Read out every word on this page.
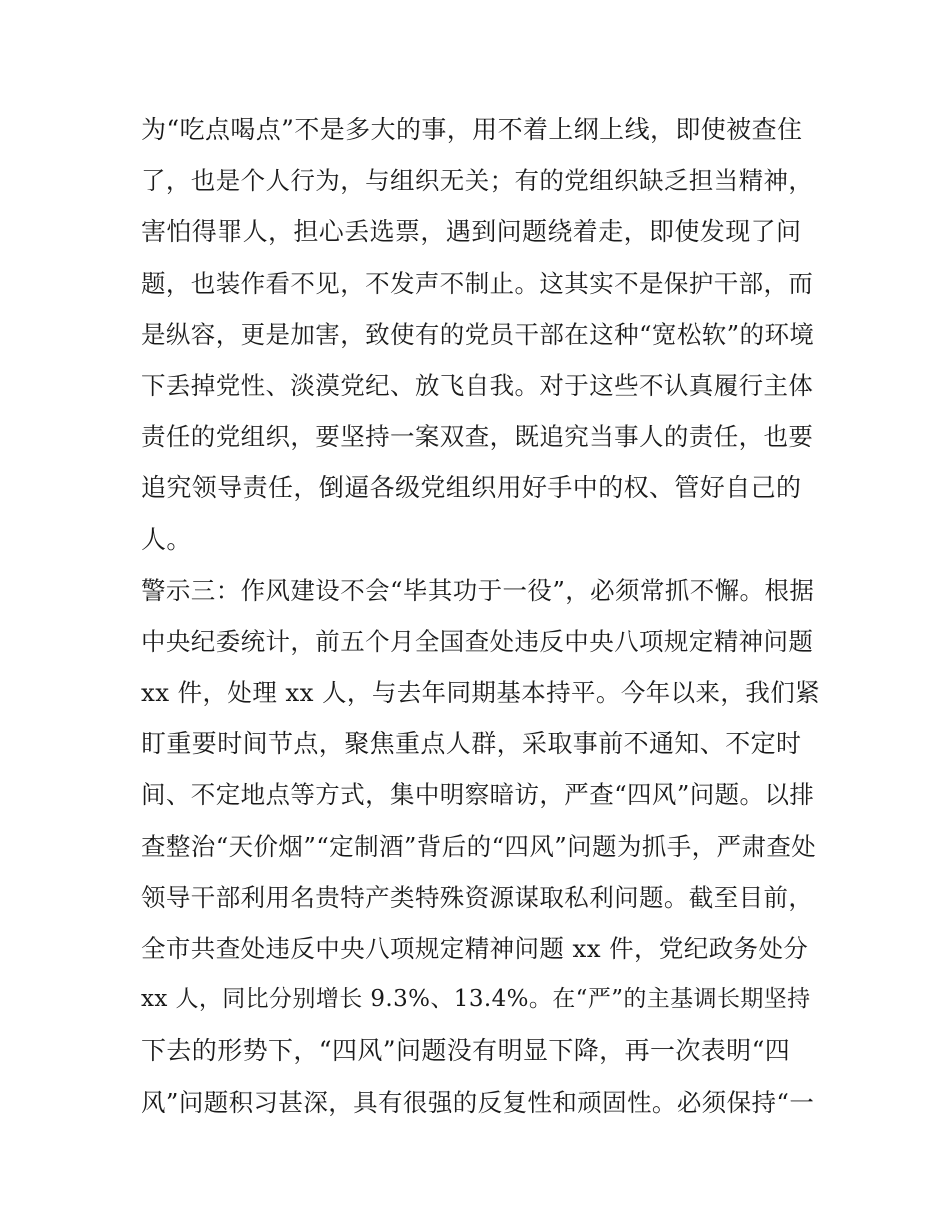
为“吃点喝点”不是多大的事，用不着上纲上线，即使被查住
了，也是个人行为，与组织无关；有的党组织缺乏担当精神，
害怕得罪人，担心丢选票，遇到问题绕着走，即使发现了问
题，也装作看不见，不发声不制止。这其实不是保护干部，而
是纵容，更是加害，致使有的党员干部在这种“宽松软”的环境
下丢掉党性、淡漠党纪、放飞自我。对于这些不认真履行主体
责任的党组织，要坚持一案双查，既追究当事人的责任，也要
追究领导责任，倒逼各级党组织用好手中的权、管好自己的
人。
警示三：作风建设不会“毕其功于一役”，必须常抓不懈。根据
中央纪委统计，前五个月全国查处违反中央八项规定精神问题
xx 件，处理 xx 人，与去年同期基本持平。今年以来，我们紧
盯重要时间节点，聚焦重点人群，采取事前不通知、不定时
间、不定地点等方式，集中明察暗访，严查“四风”问题。以排
查整治“天价烟”“定制酒”背后的“四风”问题为抓手，严肃查处
领导干部利用名贵特产类特殊资源谋取私利问题。截至目前，
全市共查处违反中央八项规定精神问题 xx 件，党纪政务处分
xx 人，同比分别增长 9.3%、13.4%。在“严”的主基调长期坚持
下去的形势下，“四风”问题没有明显下降，再一次表明“四
风”问题积习甚深，具有很强的反复性和顽固性。必须保持“一
